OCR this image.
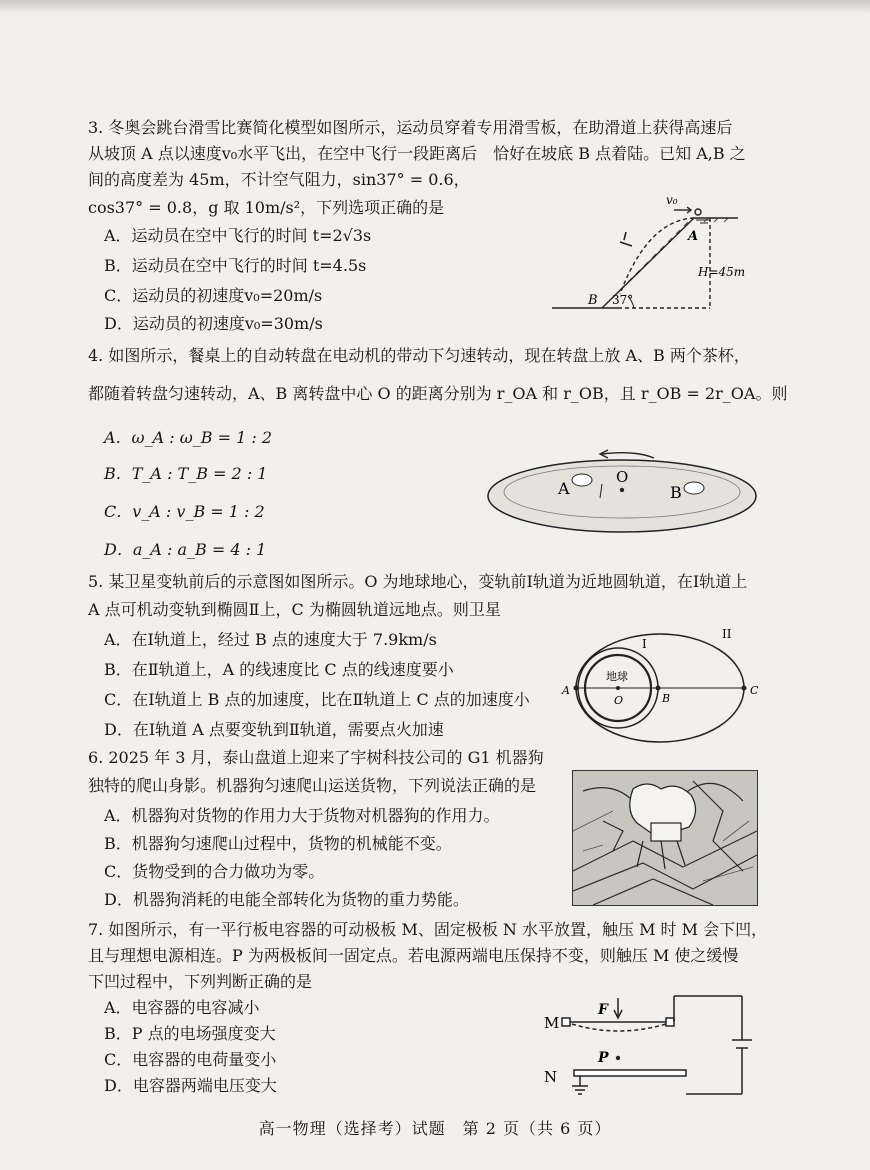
3. 冬奥会跳台滑雪比赛简化模型如图所示，运动员穿着专用滑雪板，在助滑道上获得高速后
从坡顶 A 点以速度v₀水平飞出，在空中飞行一段距离后　恰好在坡底 B 点着陆。已知 A,B 之
间的高度差为 45m，不计空气阻力，sin37° = 0.6，
cos37° = 0.8，g 取 10m/s²，下列选项正确的是
A．运动员在空中飞行的时间 t=2√3s
B．运动员在空中飞行的时间 t=4.5s
C．运动员的初速度v₀=20m/s
D．运动员的初速度v₀=30m/s
v₀
A
B
H=45m
37°
4. 如图所示，餐桌上的自动转盘在电动机的带动下匀速转动，现在转盘上放 A、B 两个茶杯，
都随着转盘匀速转动，A、B 离转盘中心 O 的距离分别为 r_OA 和 r_OB，且 r_OB = 2r_OA。则
A．ω_A : ω_B = 1 : 2
B．T_A : T_B = 2 : 1
C．v_A : v_B = 1 : 2
D．a_A : a_B = 4 : 1
A
O
B
5. 某卫星变轨前后的示意图如图所示。O 为地球地心，变轨前Ⅰ轨道为近地圆轨道，在Ⅰ轨道上
A 点可机动变轨到椭圆Ⅱ上，C 为椭圆轨道远地点。则卫星
A．在Ⅰ轨道上，经过 B 点的速度大于 7.9km/s
B．在Ⅱ轨道上，A 的线速度比 C 点的线速度要小
C．在Ⅰ轨道上 B 点的加速度，比在Ⅱ轨道上 C 点的加速度小
D．在Ⅰ轨道 A 点要变轨到Ⅱ轨道，需要点火加速
I
II
地球
O
A
B
C
6. 2025 年 3 月，泰山盘道上迎来了宇树科技公司的 G1 机器狗
独特的爬山身影。机器狗匀速爬山运送货物，下列说法正确的是
A．机器狗对货物的作用力大于货物对机器狗的作用力。
B．机器狗匀速爬山过程中，货物的机械能不变。
C．货物受到的合力做功为零。
D．机器狗消耗的电能全部转化为货物的重力势能。
7. 如图所示，有一平行板电容器的可动极板 M、固定极板 N 水平放置，触压 M 时 M 会下凹，
且与理想电源相连。P 为两极板间一固定点。若电源两端电压保持不变，则触压 M 使之缓慢
下凹过程中，下列判断正确的是
A．电容器的电容减小
B．P 点的电场强度变大
C．电容器的电荷量变小
D．电容器两端电压变大
M
N
F
P
高一物理（选择考）试题　第 2 页（共 6 页）
